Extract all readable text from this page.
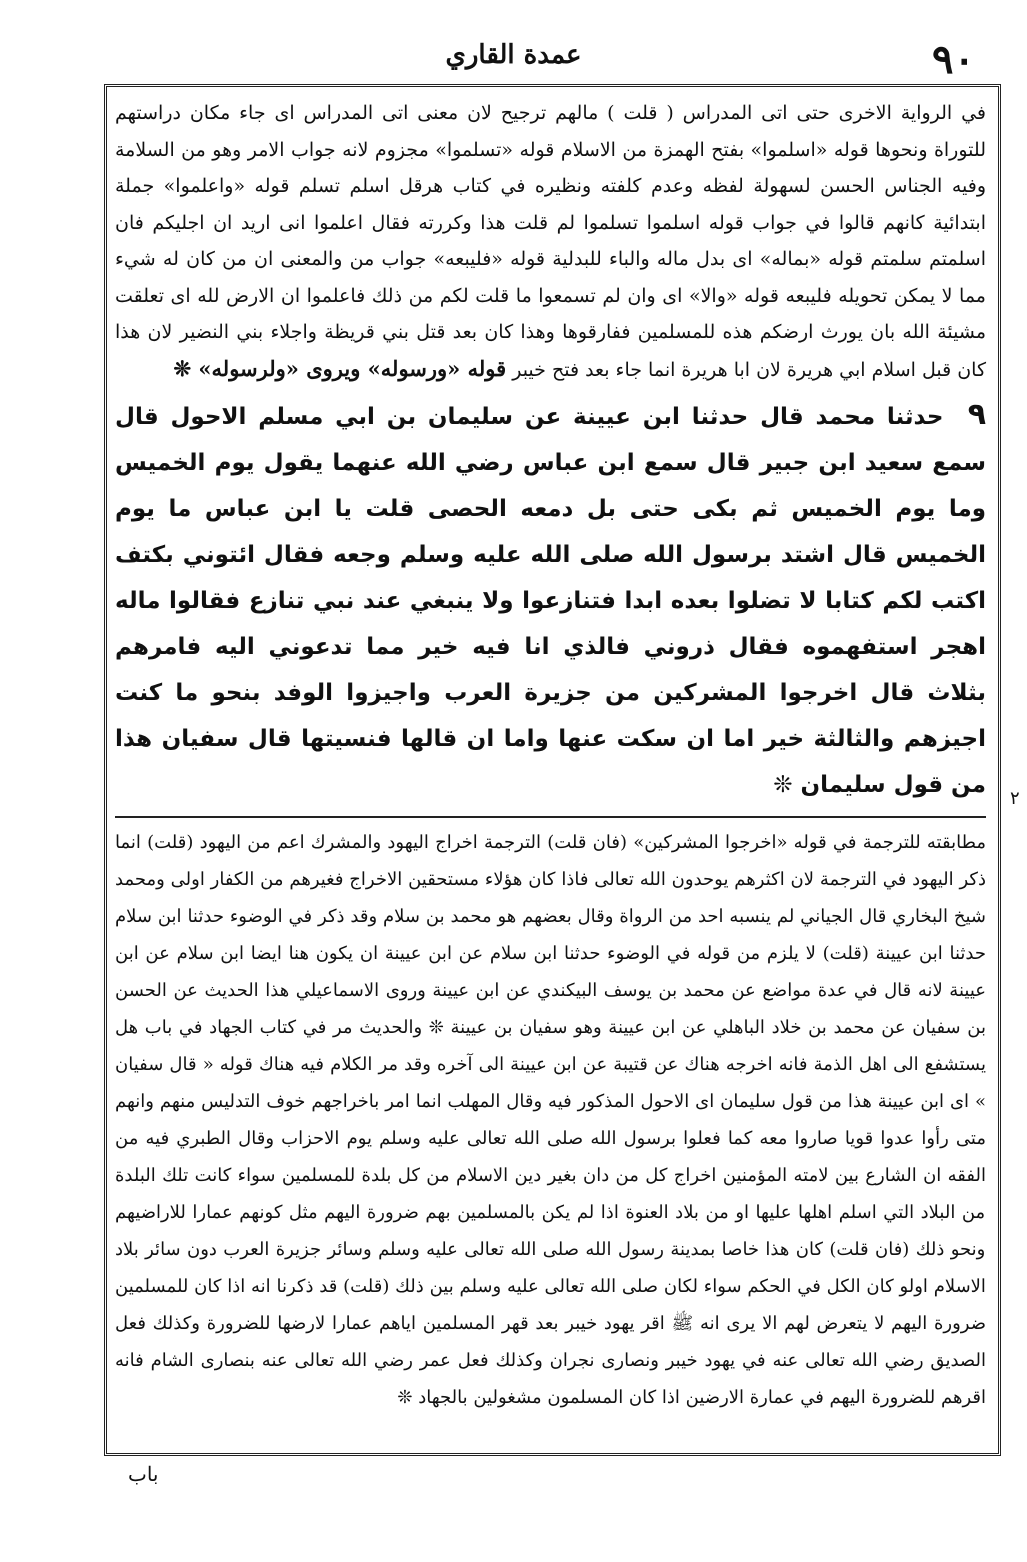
٩٠
عمدة القاري

في الرواية الاخرى حتى اتى المدراس ( قلت ) مالهم ترجيح لان معنى اتى المدراس اى جاء مكان دراستهم للتوراة ونحوها قوله «اسلموا» بفتح الهمزة من الاسلام قوله «تسلموا» مجزوم لانه جواب الامر وهو من السلامة وفيه الجناس الحسن لسهولة لفظه وعدم كلفته ونظيره في كتاب هرقل اسلم تسلم قوله «واعلموا» جملة ابتدائية كانهم قالوا في جواب قوله اسلموا تسلموا لم قلت هذا وكررته فقال اعلموا انى اريد ان اجليكم فان اسلمتم سلمتم قوله «بماله» اى بدل ماله والباء للبدلية قوله «فليبعه» جواب من والمعنى ان من كان له شيء مما لا يمكن تحويله فليبعه قوله «والا» اى وان لم تسمعوا ما قلت لكم من ذلك فاعلموا ان الارض لله اى تعلقت مشيئة الله بان يورث ارضكم هذه للمسلمين ففارقوها وهذا كان بعد قتل بني قريظة واجلاء بني النضير لان هذا كان قبل اسلام ابي هريرة لان ابا هريرة انما جاء بعد فتح خيبر قوله «ورسوله» ويروى «ولرسوله» ❊

٩ حدثنا محمد قال حدثنا ابن عيينة عن سليمان بن ابي مسلم الاحول قال سمع سعيد ابن جبير قال سمع ابن عباس رضي الله عنهما يقول يوم الخميس وما يوم الخميس ثم بكى حتى بل دمعه الحصى قلت يا ابن عباس ما يوم الخميس قال اشتد برسول الله صلى الله عليه وسلم وجعه فقال ائتوني بكتف اكتب لكم كتابا لا تضلوا بعده ابدا فتنازعوا ولا ينبغي عند نبي تنازع فقالوا ماله اهجر استفهموه فقال ذروني فالذي انا فيه خير مما تدعوني اليه فامرهم بثلاث قال اخرجوا المشركين من جزيرة العرب واجيزوا الوفد بنحو ما كنت اجيزهم والثالثة خير اما ان سكت عنها واما ان قالها فنسيتها قال سفيان هذا من قول سليمان ❊

مطابقته للترجمة في قوله «اخرجوا المشركين» (فان قلت) الترجمة اخراج اليهود والمشرك اعم من اليهود (قلت) انما ذكر اليهود في الترجمة لان اكثرهم يوحدون الله تعالى فاذا كان هؤلاء مستحقين الاخراج فغيرهم من الكفار اولى ومحمد شيخ البخاري قال الجياني لم ينسبه احد من الرواة وقال بعضهم هو محمد بن سلام وقد ذكر في الوضوء حدثنا ابن سلام حدثنا ابن عيينة (قلت) لا يلزم من قوله في الوضوء حدثنا ابن سلام عن ابن عيينة ان يكون هنا ايضا ابن سلام عن ابن عيينة لانه قال في عدة مواضع عن محمد بن يوسف البيكندي عن ابن عيينة وروى الاسماعيلي هذا الحديث عن الحسن بن سفيان عن محمد بن خلاد الباهلي عن ابن عيينة وهو سفيان بن عيينة ❊ والحديث مر في كتاب الجهاد في باب هل يستشفع الى اهل الذمة فانه اخرجه هناك عن قتيبة عن ابن عيينة الى آخره وقد مر الكلام فيه هناك قوله « قال سفيان » اى ابن عيينة هذا من قول سليمان اى الاحول المذكور فيه وقال المهلب انما امر باخراجهم خوف التدليس منهم وانهم متى رأوا عدوا قويا صاروا معه كما فعلوا برسول الله صلى الله تعالى عليه وسلم يوم الاحزاب وقال الطبري فيه من الفقه ان الشارع بين لامته المؤمنين اخراج كل من دان بغير دين الاسلام من كل بلدة للمسلمين سواء كانت تلك البلدة من البلاد التي اسلم اهلها عليها او من بلاد العنوة اذا لم يكن بالمسلمين بهم ضرورة اليهم مثل كونهم عمارا للاراضيهم ونحو ذلك (فان قلت) كان هذا خاصا بمدينة رسول الله صلى الله تعالى عليه وسلم وسائر جزيرة العرب دون سائر بلاد الاسلام اولو كان الكل في الحكم سواء لكان صلى الله تعالى عليه وسلم بين ذلك (قلت) قد ذكرنا انه اذا كان للمسلمين ضرورة اليهم لا يتعرض لهم الا يرى انه ﷺ اقر يهود خيبر بعد قهر المسلمين اياهم عمارا لارضها للضرورة وكذلك فعل الصديق رضي الله تعالى عنه في يهود خيبر ونصارى نجران وكذلك فعل عمر رضي الله تعالى عنه بنصارى الشام فانه اقرهم للضرورة اليهم في عمارة الارضين اذا كان المسلمون مشغولين بالجهاد ❊

٢
باب
